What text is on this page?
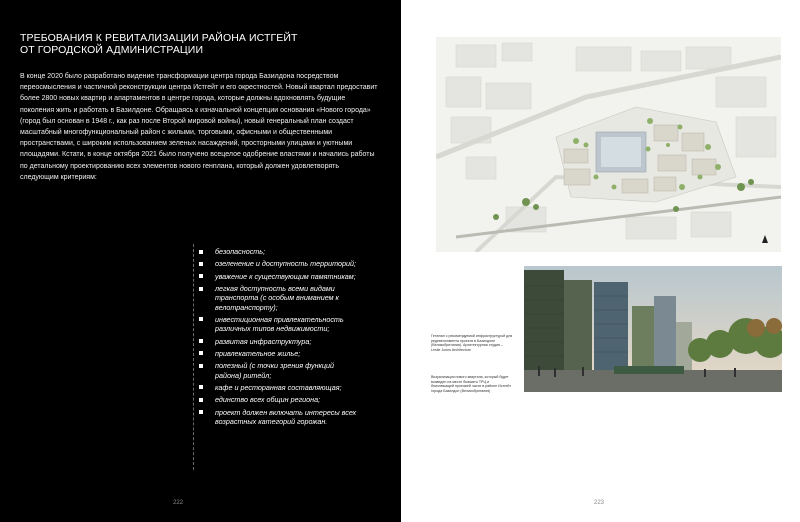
ТРЕБОВАНИЯ К РЕВИТАЛИЗАЦИИ РАЙОНА ИСТГЕЙТ
ОТ ГОРОДСКОЙ АДМИНИСТРАЦИИ
В конце 2020 было разработано видение трансформации центра города Базилдона посредством переосмысления и частичной реконструкции центра Истгейт и его окрестностей. Новый квартал предоставит более 2800 новых квартир и апартаментов в центре города, которые должны вдохновлять будущие поколения жить и работать в Базилдоне. Обращаясь к изначальной концепции основания «Нового города» (город был основан в 1948 г., как раз после Второй мировой войны), новый генеральный план создаст масштабный многофункциональный район с жилыми, торговыми, офисными и общественными пространствами, с широким использованием зеленых насаждений, просторными улицами и уютными площадями. Кстати, в конце октября 2021 было получено всецелое одобрение властями и начались работы по детальному проектированию всех элементов нового генплана, который должен удовлетворять следующим критериям:
безопасность;
озеленение и доступность территорий;
уважение к существующим памятникам;
легкая доступность всеми видами транспорта (с особым вниманием к велотранспорту);
инвестиционная привлекательность различных типов недвижимости;
развитая инфраструктура;
привлекательное жилье;
полезный (с точки зрения функций района) ритейл;
кафе и ресторанная составляющая;
единство всех общин региона;
проект должен включать интересы всех возрастных категорий горожан.
222
Генплан с рекомендуемой инфраструктурой для редевелопмента проекта в Базилдоне (Великобритания). Архитектурная студия – Leslie Jones Architecture
Визуализация нового квартала, который будет возведен на месте бывшего ТРЦ и близлежащей проезжей части в районе Истгейт города Базилдон (Великобритания)
223
